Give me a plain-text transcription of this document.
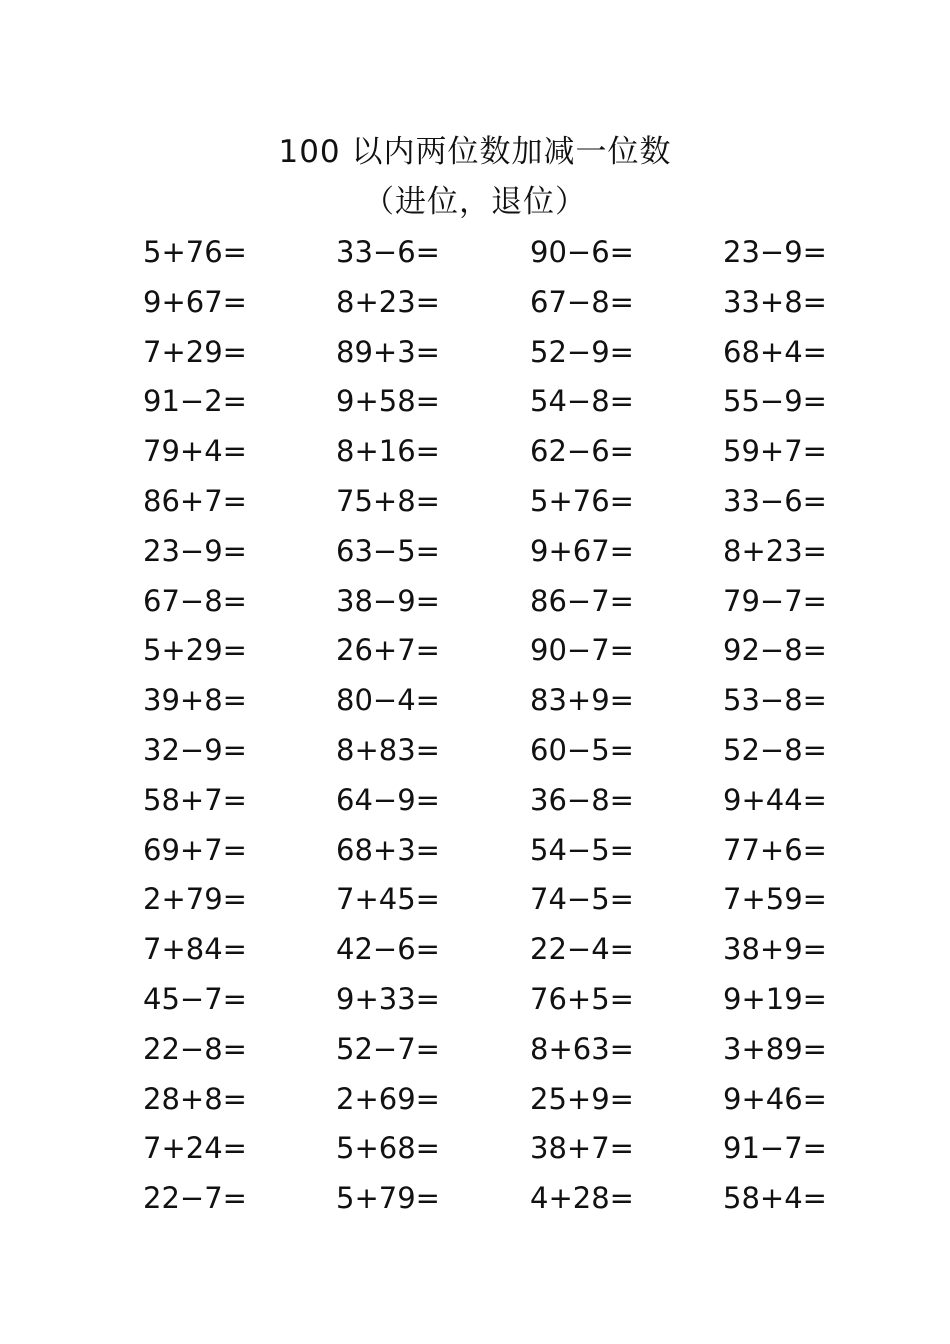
100 以内两位数加减一位数
（进位，退位）
5+76=	33−6=	90−6=	23−9=
9+67=	8+23=	67−8=	33+8=
7+29=	89+3=	52−9=	68+4=
91−2=	9+58=	54−8=	55−9=
79+4=	8+16=	62−6=	59+7=
86+7=	75+8=	5+76=	33−6=
23−9=	63−5=	9+67=	8+23=
67−8=	38−9=	86−7=	79−7=
5+29=	26+7=	90−7=	92−8=
39+8=	80−4=	83+9=	53−8=
32−9=	8+83=	60−5=	52−8=
58+7=	64−9=	36−8=	9+44=
69+7=	68+3=	54−5=	77+6=
2+79=	7+45=	74−5=	7+59=
7+84=	42−6=	22−4=	38+9=
45−7=	9+33=	76+5=	9+19=
22−8=	52−7=	8+63=	3+89=
28+8=	2+69=	25+9=	9+46=
7+24=	5+68=	38+7=	91−7=
22−7=	5+79=	4+28=	58+4=
